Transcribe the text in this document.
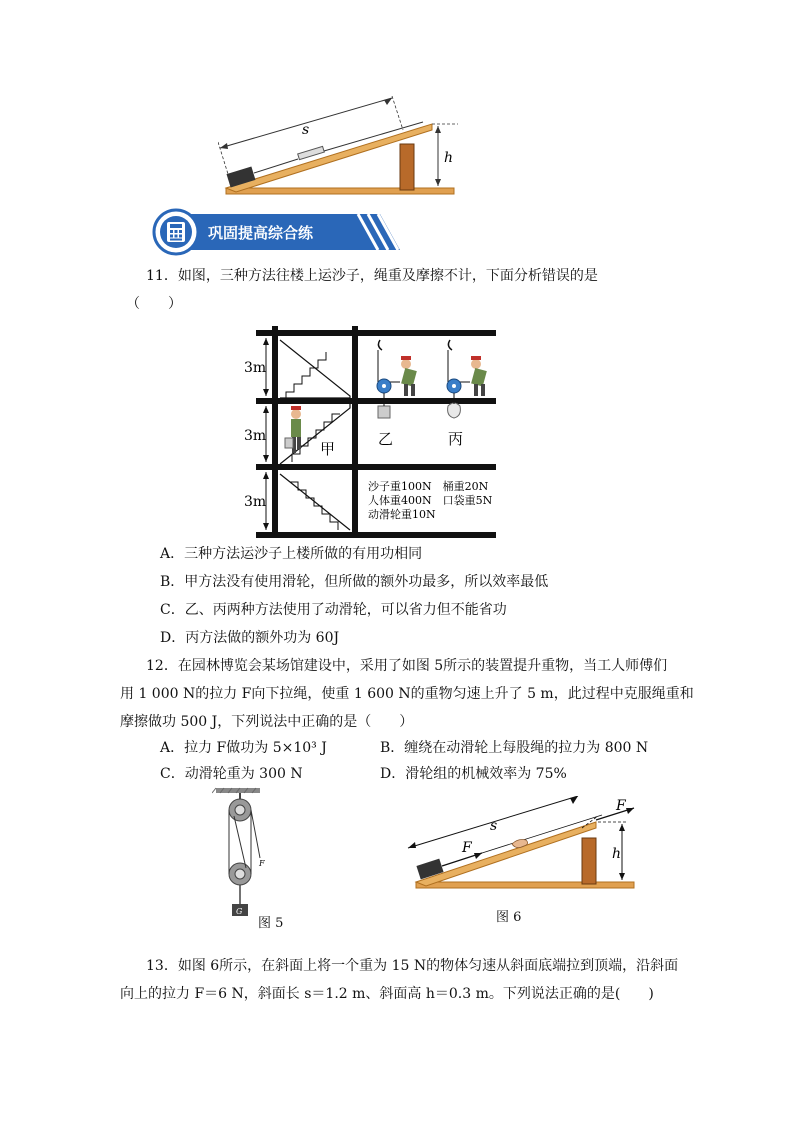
s
h
巩固提高综合练
11．如图，三种方法往楼上运沙子，绳重及摩擦不计，下面分析错误的是
（　　）
3m
3m
3m
甲
乙	丙
沙子重100N　桶重20N
人体重400N　口袋重5N
动滑轮重10N
A．三种方法运沙子上楼所做的有用功相同
B．甲方法没有使用滑轮，但所做的额外功最多，所以效率最低
C．乙、丙两种方法使用了动滑轮，可以省力但不能省功
D．丙方法做的额外功为 60J
12．在园林博览会某场馆建设中，采用了如图 5所示的装置提升重物，当工人师傅们
用 1 000 N的拉力 F向下拉绳，使重 1 600 N的重物匀速上升了 5 m，此过程中克服绳重和
摩擦做功 500 J，下列说法中正确的是（　　）
A．拉力 F做功为 5×10³ J	B．缠绕在动滑轮上每股绳的拉力为 800 N
C．动滑轮重为 300 N	D．滑轮组的机械效率为 75%
F
G
图 5
F
s
F
h
图 6
13．如图 6所示，在斜面上将一个重为 15 N的物体匀速从斜面底端拉到顶端，沿斜面
向上的拉力 F＝6 N，斜面长 s＝1.2 m、斜面高 h＝0.3 m。下列说法正确的是(　　)
